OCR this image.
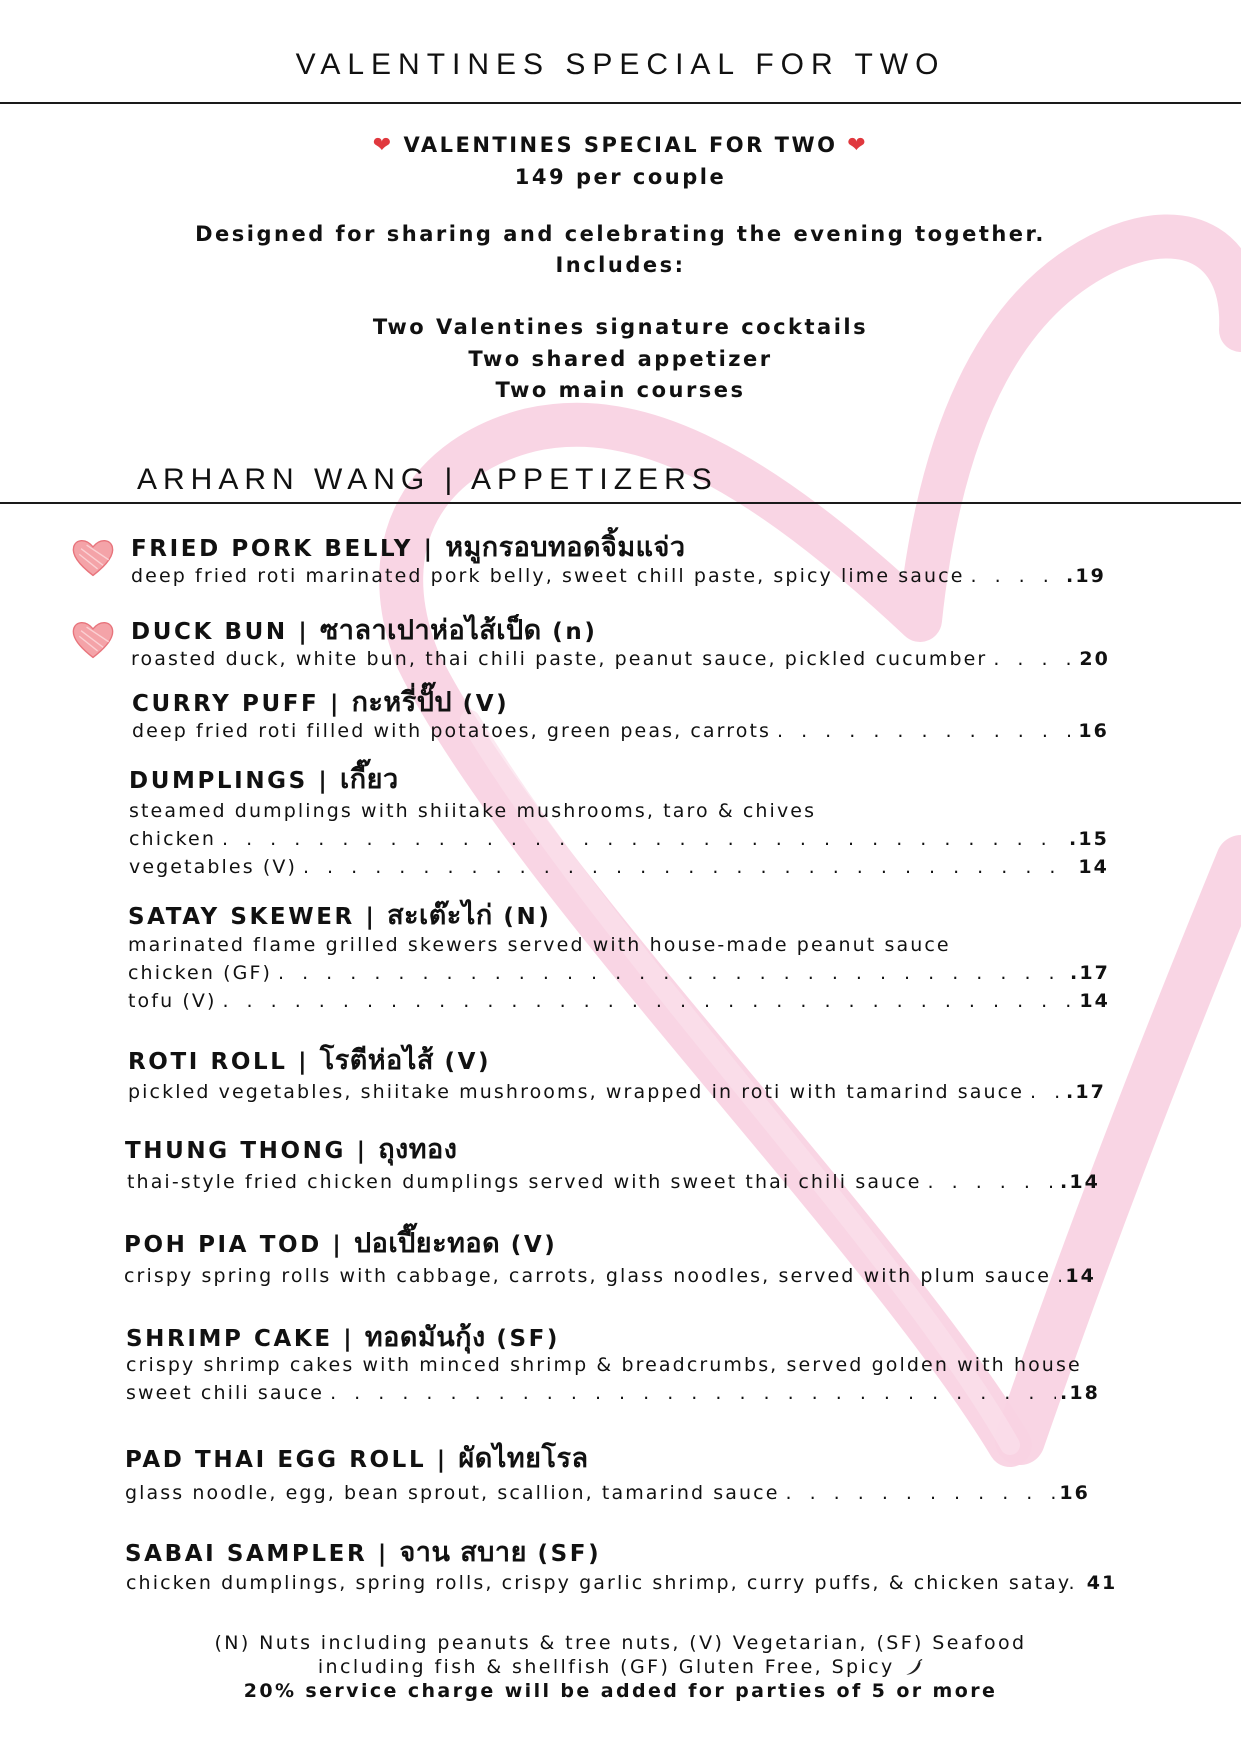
VALENTINES SPECIAL FOR TWO
❤ VALENTINES SPECIAL FOR TWO ❤
149 per couple
Designed for sharing and celebrating the evening together.
Includes:
Two Valentines signature cocktails
Two shared appetizer
Two main courses
ARHARN WANG | APPETIZERS
FRIED PORK BELLY | หมูกรอบทอดจิ้มแจ่ว
deep fried roti marinated pork belly, sweet chill paste, spicy lime sauce . . .	.19
DUCK BUN | ซาลาเปาห่อไส้เป็ด (n)
roasted duck, white bun, thai chili paste, peanut sauce, pickled cucumber . . .	20
CURRY PUFF | กะหรี่ปั๊ป (V)
deep fried roti filled with potatoes, green peas, carrots . . .	16
DUMPLINGS | เกี๊ยว
steamed dumplings with shiitake mushrooms, taro & chives
chicken . . .	.15
vegetables (V) . . .	14
SATAY SKEWER | สะเต๊ะไก่ (N)
marinated flame grilled skewers served with house-made peanut sauce
chicken (GF) . . .	.17
tofu (V) . . .	14
ROTI ROLL | โรตีห่อไส้ (V)
pickled vegetables, shiitake mushrooms, wrapped in roti with tamarind sauce . . . .17
THUNG THONG | ถุงทอง
thai-style fried chicken dumplings served with sweet thai chili sauce . . .	.14
POH PIA TOD | ปอเปี๊ยะทอด (V)
crispy spring rolls with cabbage, carrots, glass noodles, served with plum sauce . . . 14
SHRIMP CAKE | ทอดมันกุ้ง (SF)
crispy shrimp cakes with minced shrimp & breadcrumbs, served golden with house
sweet chili sauce . . .	.18
PAD THAI EGG ROLL | ผัดไทยโรล
glass noodle, egg, bean sprout, scallion, tamarind sauce . . .	16
SABAI SAMPLER | จาน สบาย (SF)
chicken dumplings, spring rolls, crispy garlic shrimp, curry puffs, & chicken satay. 41
(N) Nuts including peanuts & tree nuts, (V) Vegetarian, (SF) Seafood
including fish & shellfish (GF) Gluten Free, Spicy
20% service charge will be added for parties of 5 or more
